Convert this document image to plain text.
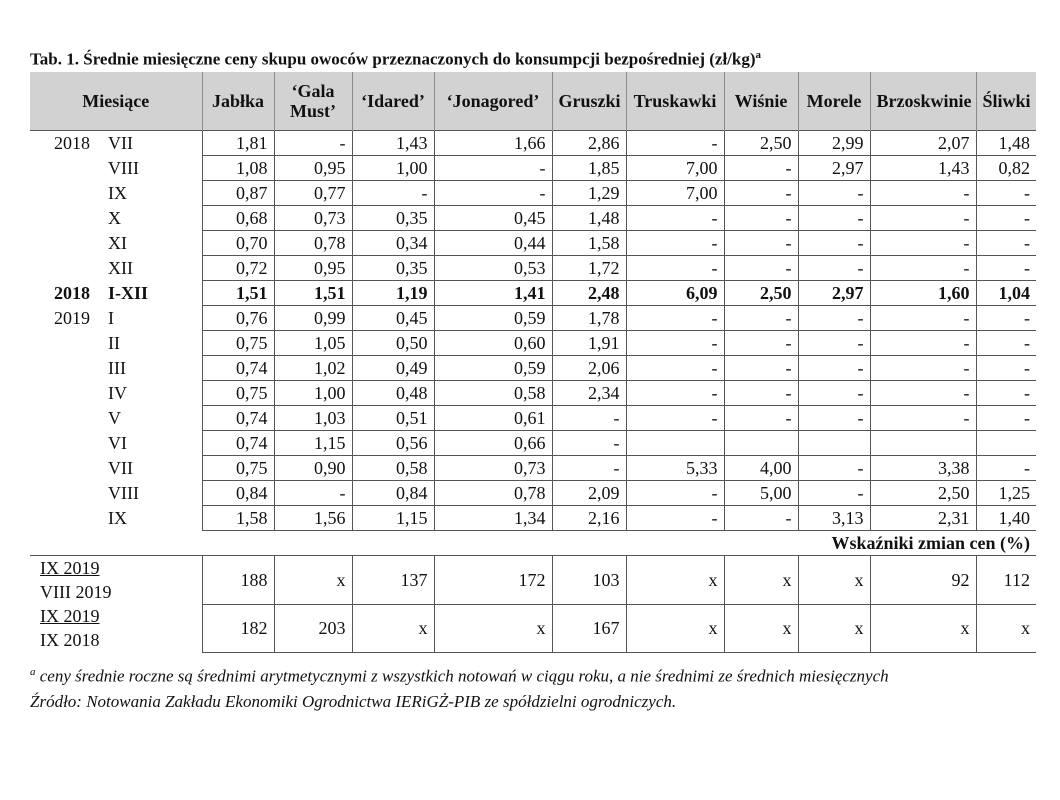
Tab. 1. Średnie miesięczne ceny skupu owoców przeznaczonych do konsumpcji bezpośredniej (zł/kg)$^a$
Miesiące	Jabłka	‘Gala
Must’	‘Idared’	‘Jonagored’	Gruszki	Truskawki	Wiśnie	Morele	Brzoskwinie	Śliwki
2018 VII	1,81	-	1,43	1,66	2,86	-	2,50	2,99	2,07	1,48
VIII	1,08	0,95	1,00	-	1,85	7,00	-	2,97	1,43	0,82
IX	0,87	0,77	-	-	1,29	7,00	-	-	-	-
X	0,68	0,73	0,35	0,45	1,48	-	-	-	-	-
XI	0,70	0,78	0,34	0,44	1,58	-	-	-	-	-
XII	0,72	0,95	0,35	0,53	1,72	-	-	-	-	-
2018 I-XII	1,51	1,51	1,19	1,41	2,48	6,09	2,50	2,97	1,60	1,04
2019 I	0,76	0,99	0,45	0,59	1,78	-	-	-	-	-
II	0,75	1,05	0,50	0,60	1,91	-	-	-	-	-
III	0,74	1,02	0,49	0,59	2,06	-	-	-	-	-
IV	0,75	1,00	0,48	0,58	2,34	-	-	-	-	-
V	0,74	1,03	0,51	0,61	-	-	-	-	-	-
VI	0,74	1,15	0,56	0,66	-					
VII	0,75	0,90	0,58	0,73	-	5,33	4,00	-	3,38	-
VIII	0,84	-	0,84	0,78	2,09	-	5,00	-	2,50	1,25
IX	1,58	1,56	1,15	1,34	2,16	-	-	3,13	2,31	1,40
Wskaźniki zmian cen (%)										

IX 2019
VIII 2019	188	x	137	172	103	x	x	x	92	112

IX 2019
IX 2018	182	203	x	x	167	x	x	x	x	x
$^a$ ceny średnie roczne są średnimi arytmetycznymi z wszystkich notowań w ciągu roku, a nie średnimi ze średnich miesięcznych
Źródło: Notowania Zakładu Ekonomiki Ogrodnictwa IERiGŻ-PIB ze spółdzielni ogrodniczych.
